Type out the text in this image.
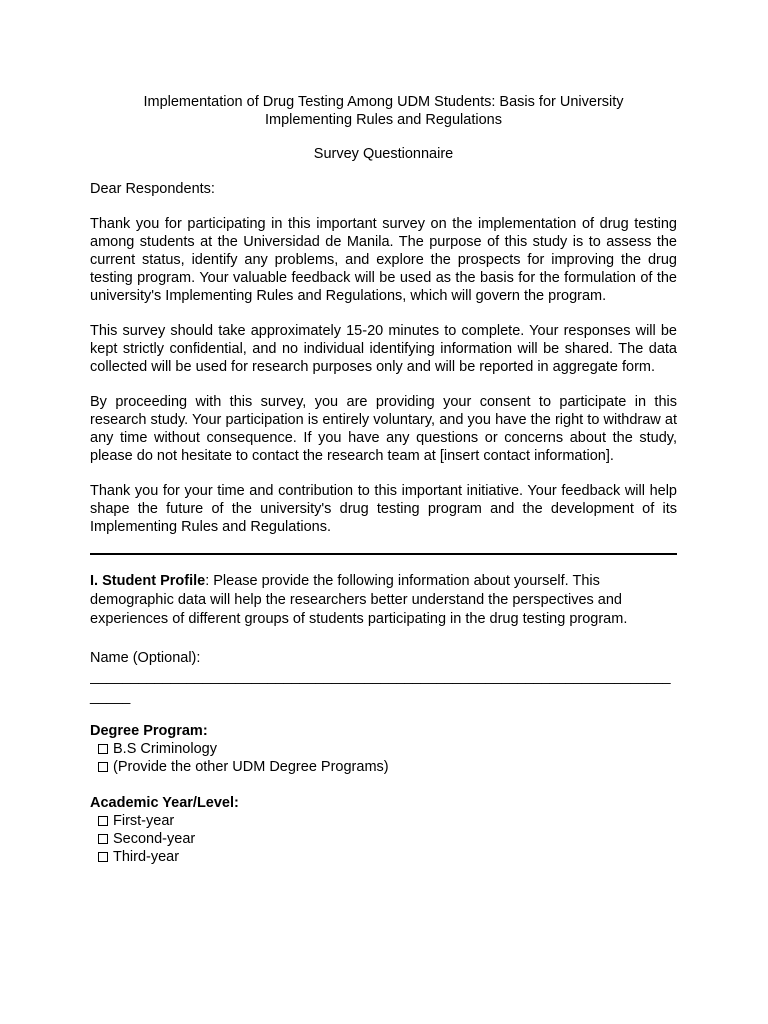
Implementation of Drug Testing Among UDM Students: Basis for University
Implementing Rules and Regulations

Survey Questionnaire

Dear Respondents:

Thank you for participating in this important survey on the implementation of drug testing among students at the Universidad de Manila. The purpose of this study is to assess the current status, identify any problems, and explore the prospects for improving the drug testing program. Your valuable feedback will be used as the basis for the formulation of the university's Implementing Rules and Regulations, which will govern the program.

This survey should take approximately 15-20 minutes to complete. Your responses will be kept strictly confidential, and no individual identifying information will be shared. The data collected will be used for research purposes only and will be reported in aggregate form.

By proceeding with this survey, you are providing your consent to participate in this research study. Your participation is entirely voluntary, and you have the right to withdraw at any time without consequence. If you have any questions or concerns about the study, please do not hesitate to contact the research team at [insert contact information].

Thank you for your time and contribution to this important initiative. Your feedback will help shape the future of the university's drug testing program and the development of its Implementing Rules and Regulations.

I. Student Profile: Please provide the following information about yourself. This demographic data will help the researchers better understand the perspectives and experiences of different groups of students participating in the drug testing program.

Name (Optional):

________________________________________________________________________

_____

Degree Program:

B.S Criminology
(Provide the other UDM Degree Programs)

Academic Year/Level:

First-year
Second-year
Third-year
